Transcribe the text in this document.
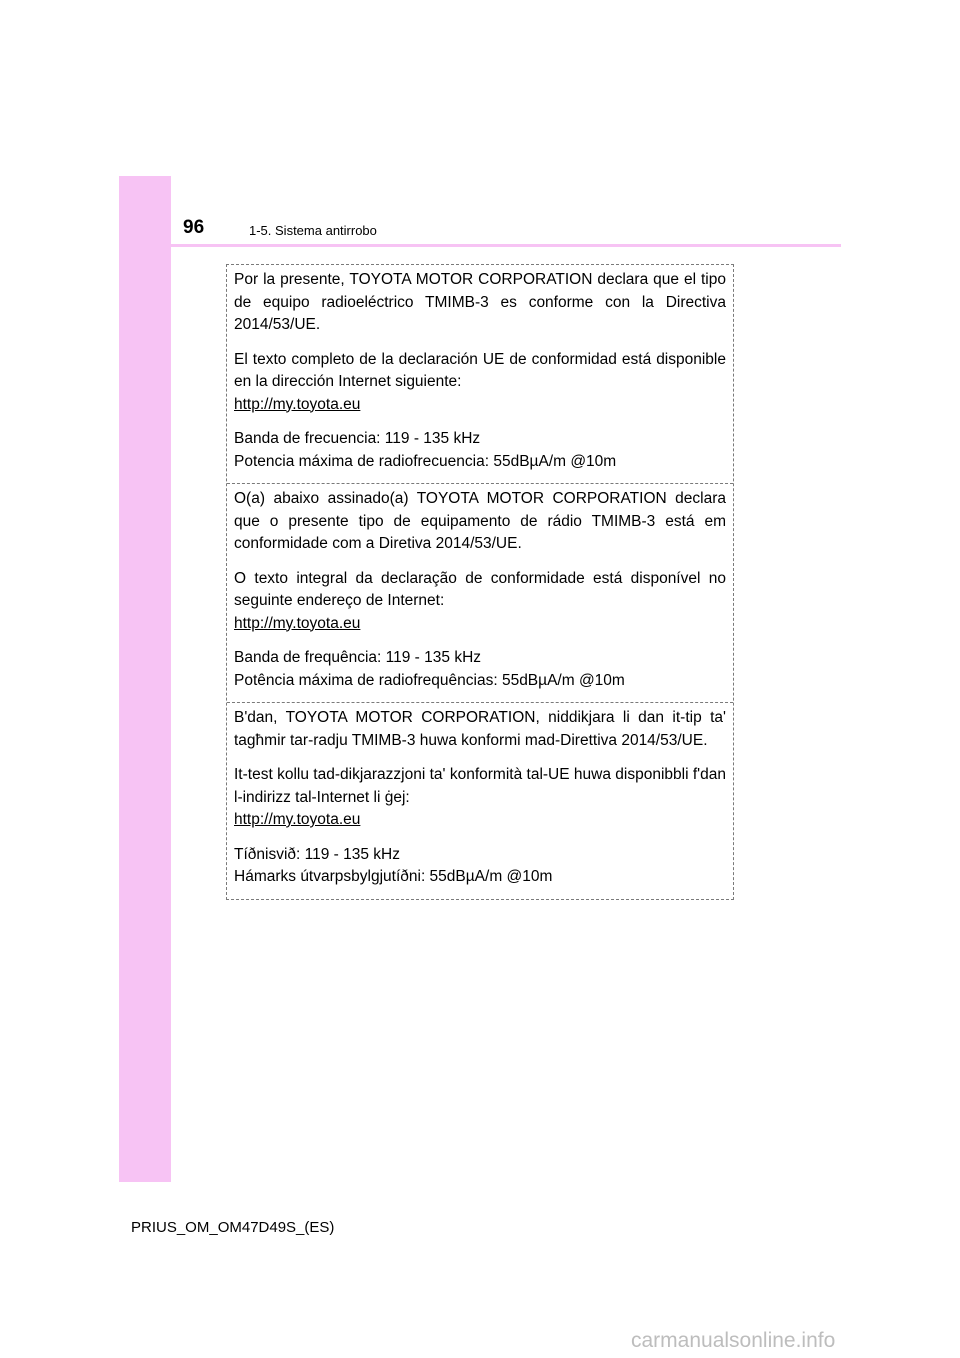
96	1-5. Sistema antirrobo

Por la presente, TOYOTA MOTOR CORPORATION declara que el tipo de equipo radioeléctrico TMIMB-3 es conforme con la Directiva 2014/53/UE.

El texto completo de la declaración UE de conformidad está disponible en la dirección Internet siguiente:

http://my.toyota.eu

Banda de frecuencia: 119 - 135 kHz

Potencia máxima de radiofrecuencia: 55dBµA/m @10m

O(a) abaixo assinado(a) TOYOTA MOTOR CORPORATION declara que o presente tipo de equipamento de rádio TMIMB-3 está em conformidade com a Diretiva 2014/53/UE.

O texto integral da declaração de conformidade está disponível no seguinte endereço de Internet:

http://my.toyota.eu

Banda de frequência: 119 - 135 kHz

Potência máxima de radiofrequências: 55dBµA/m @10m

B'dan, TOYOTA MOTOR CORPORATION, niddikjara li dan it-tip ta' tagħmir tar-radju TMIMB-3 huwa konformi mad-Direttiva 2014/53/UE.

It-test kollu tad-dikjarazzjoni ta' konformità tal-UE huwa disponibbli f'dan l-indirizz tal-Internet li ġej:

http://my.toyota.eu

Tíðnisvið: 119 - 135 kHz

Hámarks útvarpsbylgjutíðni: 55dBµA/m @10m

PRIUS_OM_OM47D49S_(ES)
carmanualsonline.info
